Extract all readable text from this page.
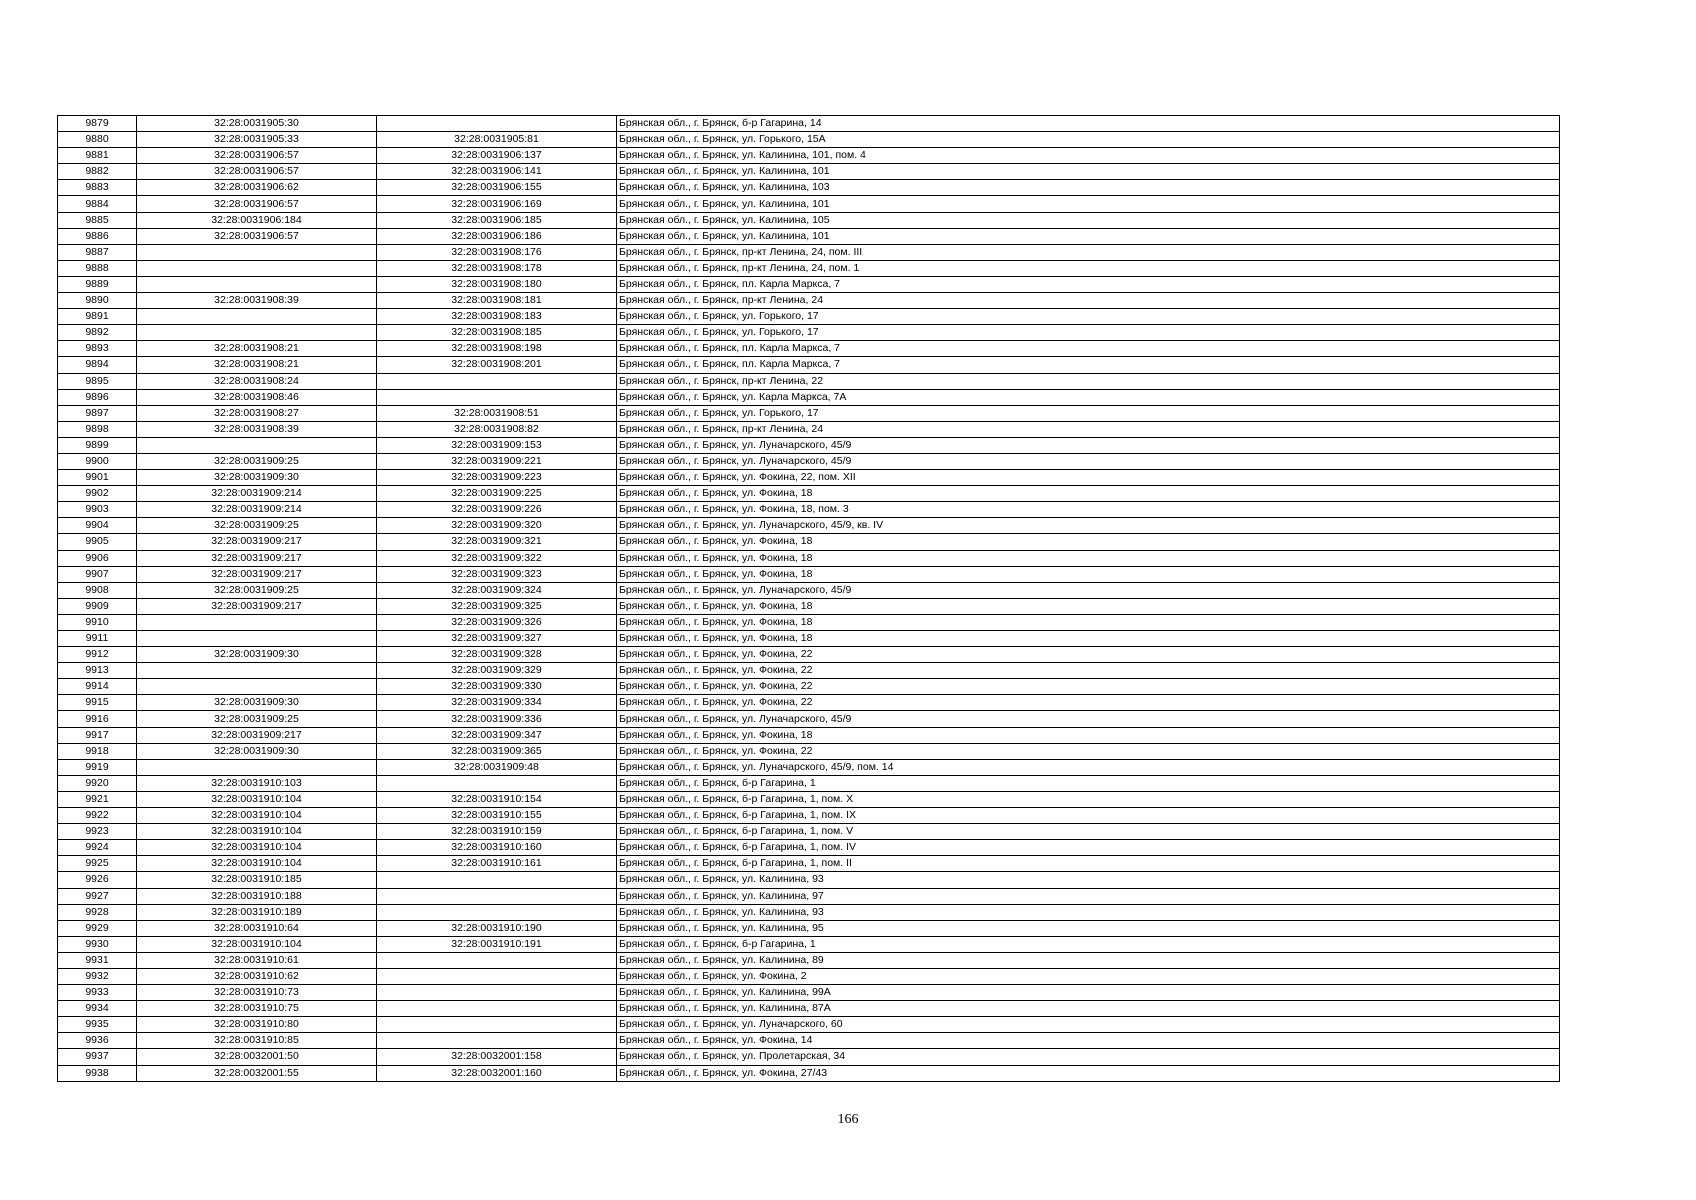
9879	32:28:0031905:30		Брянская обл., г. Брянск, б-р Гагарина, 14
9880	32:28:0031905:33	32:28:0031905:81	Брянская обл., г. Брянск, ул. Горького, 15А
9881	32:28:0031906:57	32:28:0031906:137	Брянская обл., г. Брянск, ул. Калинина, 101, пом. 4
9882	32:28:0031906:57	32:28:0031906:141	Брянская обл., г. Брянск, ул. Калинина, 101
9883	32:28:0031906:62	32:28:0031906:155	Брянская обл., г. Брянск, ул. Калинина, 103
9884	32:28:0031906:57	32:28:0031906:169	Брянская обл., г. Брянск, ул. Калинина, 101
9885	32:28:0031906:184	32:28:0031906:185	Брянская обл., г. Брянск, ул. Калинина, 105
9886	32:28:0031906:57	32:28:0031906:186	Брянская обл., г. Брянск, ул. Калинина, 101
9887		32:28:0031908:176	Брянская обл., г. Брянск, пр-кт Ленина, 24, пом. III
9888		32:28:0031908:178	Брянская обл., г. Брянск, пр-кт Ленина, 24, пом. 1
9889		32:28:0031908:180	Брянская обл., г. Брянск, пл. Карла Маркса, 7
9890	32:28:0031908:39	32:28:0031908:181	Брянская обл., г. Брянск, пр-кт Ленина, 24
9891		32:28:0031908:183	Брянская обл., г. Брянск, ул. Горького, 17
9892		32:28:0031908:185	Брянская обл., г. Брянск, ул. Горького, 17
9893	32:28:0031908:21	32:28:0031908:198	Брянская обл., г. Брянск, пл. Карла Маркса, 7
9894	32:28:0031908:21	32:28:0031908:201	Брянская обл., г. Брянск, пл. Карла Маркса, 7
9895	32:28:0031908:24		Брянская обл., г. Брянск, пр-кт Ленина, 22
9896	32:28:0031908:46		Брянская обл., г. Брянск, ул. Карла Маркса, 7А
9897	32:28:0031908:27	32:28:0031908:51	Брянская обл., г. Брянск, ул. Горького, 17
9898	32:28:0031908:39	32:28:0031908:82	Брянская обл., г. Брянск, пр-кт Ленина, 24
9899		32:28:0031909:153	Брянская обл., г. Брянск, ул. Луначарского, 45/9
9900	32:28:0031909:25	32:28:0031909:221	Брянская обл., г. Брянск, ул. Луначарского, 45/9
9901	32:28:0031909:30	32:28:0031909:223	Брянская обл., г. Брянск, ул. Фокина, 22, пом. XII
9902	32:28:0031909:214	32:28:0031909:225	Брянская обл., г. Брянск, ул. Фокина, 18
9903	32:28:0031909:214	32:28:0031909:226	Брянская обл., г. Брянск, ул. Фокина, 18, пом. 3
9904	32:28:0031909:25	32:28:0031909:320	Брянская обл., г. Брянск, ул. Луначарского, 45/9, кв. IV
9905	32:28:0031909:217	32:28:0031909:321	Брянская обл., г. Брянск, ул. Фокина, 18
9906	32:28:0031909:217	32:28:0031909:322	Брянская обл., г. Брянск, ул. Фокина, 18
9907	32:28:0031909:217	32:28:0031909:323	Брянская обл., г. Брянск, ул. Фокина, 18
9908	32:28:0031909:25	32:28:0031909:324	Брянская обл., г. Брянск, ул. Луначарского, 45/9
9909	32:28:0031909:217	32:28:0031909:325	Брянская обл., г. Брянск, ул. Фокина, 18
9910		32:28:0031909:326	Брянская обл., г. Брянск, ул. Фокина, 18
9911		32:28:0031909:327	Брянская обл., г. Брянск, ул. Фокина, 18
9912	32:28:0031909:30	32:28:0031909:328	Брянская обл., г. Брянск, ул. Фокина, 22
9913		32:28:0031909:329	Брянская обл., г. Брянск, ул. Фокина, 22
9914		32:28:0031909:330	Брянская обл., г. Брянск, ул. Фокина, 22
9915	32:28:0031909:30	32:28:0031909:334	Брянская обл., г. Брянск, ул. Фокина, 22
9916	32:28:0031909:25	32:28:0031909:336	Брянская обл., г. Брянск, ул. Луначарского, 45/9
9917	32:28:0031909:217	32:28:0031909:347	Брянская обл., г. Брянск, ул. Фокина, 18
9918	32:28:0031909:30	32:28:0031909:365	Брянская обл., г. Брянск, ул. Фокина, 22
9919		32:28:0031909:48	Брянская обл., г. Брянск, ул. Луначарского, 45/9, пом. 14
9920	32:28:0031910:103		Брянская обл., г. Брянск, б-р Гагарина, 1
9921	32:28:0031910:104	32:28:0031910:154	Брянская обл., г. Брянск, б-р Гагарина, 1, пом. X
9922	32:28:0031910:104	32:28:0031910:155	Брянская обл., г. Брянск, б-р Гагарина, 1, пом. IX
9923	32:28:0031910:104	32:28:0031910:159	Брянская обл., г. Брянск, б-р Гагарина, 1, пом. V
9924	32:28:0031910:104	32:28:0031910:160	Брянская обл., г. Брянск, б-р Гагарина, 1, пом. IV
9925	32:28:0031910:104	32:28:0031910:161	Брянская обл., г. Брянск, б-р Гагарина, 1, пом. II
9926	32:28:0031910:185		Брянская обл., г. Брянск, ул. Калинина, 93
9927	32:28:0031910:188		Брянская обл., г. Брянск, ул. Калинина, 97
9928	32:28:0031910:189		Брянская обл., г. Брянск, ул. Калинина, 93
9929	32:28:0031910:64	32:28:0031910:190	Брянская обл., г. Брянск, ул. Калинина, 95
9930	32:28:0031910:104	32:28:0031910:191	Брянская обл., г. Брянск, б-р Гагарина, 1
9931	32:28:0031910:61		Брянская обл., г. Брянск, ул. Калинина, 89
9932	32:28:0031910:62		Брянская обл., г. Брянск, ул. Фокина, 2
9933	32:28:0031910:73		Брянская обл., г. Брянск, ул. Калинина, 99А
9934	32:28:0031910:75		Брянская обл., г. Брянск, ул. Калинина, 87А
9935	32:28:0031910:80		Брянская обл., г. Брянск, ул. Луначарского, 60
9936	32:28:0031910:85		Брянская обл., г. Брянск, ул. Фокина, 14
9937	32:28:0032001:50	32:28:0032001:158	Брянская обл., г. Брянск, ул. Пролетарская, 34
9938	32:28:0032001:55	32:28:0032001:160	Брянская обл., г. Брянск, ул. Фокина, 27/43
166
